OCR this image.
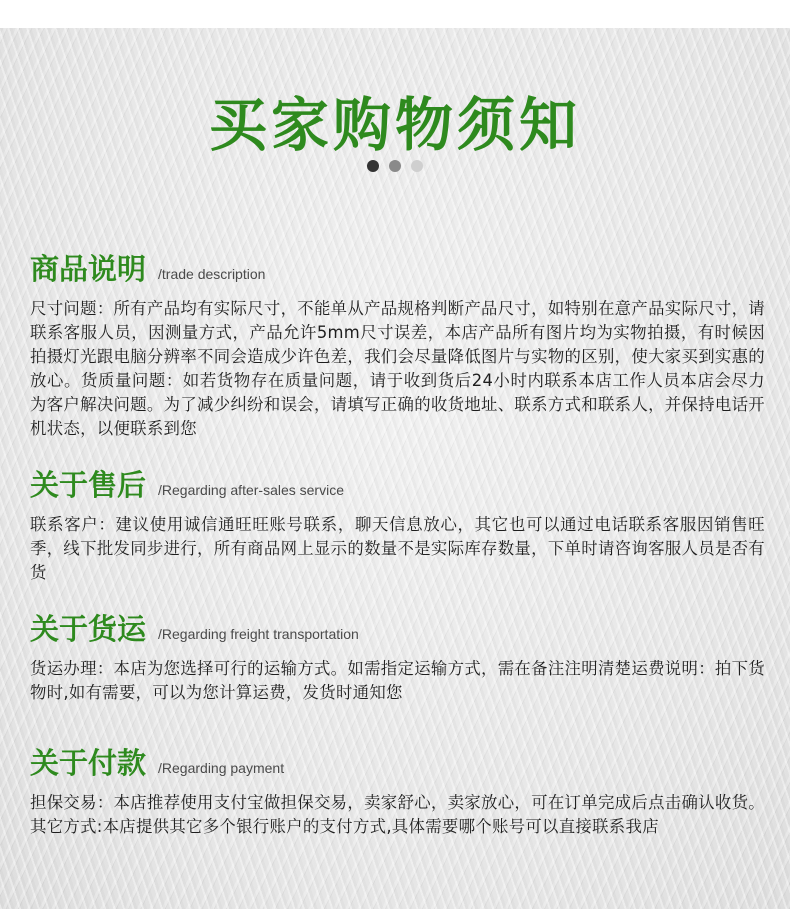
买家购物须知
商品说明 /trade description

尺寸问题：所有产品均有实际尺寸，不能单从产品规格判断产品尺寸，如特别在意产品实际尺寸，请联系客服人员，因测量方式，产品允许5mm尺寸误差，本店产品所有图片均为实物拍摄，有时候因拍摄灯光跟电脑分辨率不同会造成少许色差，我们会尽量降低图片与实物的区别，使大家买到实惠的放心。货质量问题：如若货物存在质量问题，请于收到货后24小时内联系本店工作人员本店会尽力为客户解决问题。为了减少纠纷和误会，请填写正确的收货地址、联系方式和联系人，并保持电话开机状态，以便联系到您

关于售后 /Regarding after-sales service

联系客户：建议使用诚信通旺旺账号联系，聊天信息放心，其它也可以通过电话联系客服因销售旺季，线下批发同步进行，所有商品网上显示的数量不是实际库存数量，下单时请咨询客服人员是否有货

关于货运 /Regarding freight transportation

货运办理：本店为您选择可行的运输方式。如需指定运输方式，需在备注注明清楚运费说明：拍下货物时,如有需要，可以为您计算运费，发货时通知您

关于付款 /Regarding payment

担保交易：本店推荐使用支付宝做担保交易，卖家舒心，卖家放心，可在订单完成后点击确认收货。其它方式:本店提供其它多个银行账户的支付方式,具体需要哪个账号可以直接联系我店
